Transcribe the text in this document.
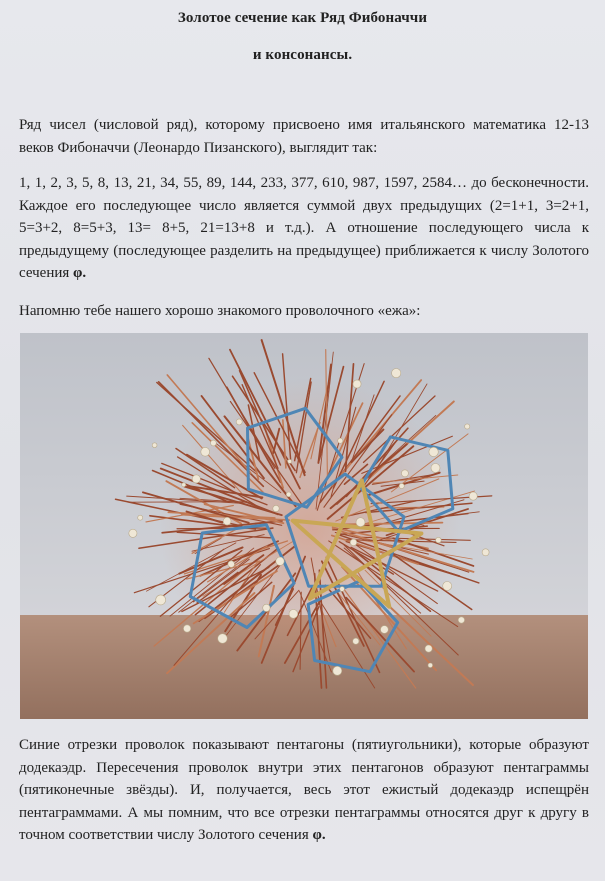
Золотое сечение как Ряд Фибоначчи
и консонансы.
Ряд чисел (числовой ряд), которому присвоено имя итальянского математика 12-13 веков Фибоначчи (Леонардо Пизанского), выглядит так:
1, 1, 2, 3, 5, 8, 13, 21, 34, 55, 89, 144, 233, 377, 610, 987, 1597, 2584… до бесконечности. Каждое его последующее число является суммой двух предыдущих (2=1+1, 3=2+1, 5=3+2, 8=5+3, 13= 8+5, 21=13+8 и т.д.). А отношение последующего числа к предыдущему (последующее разделить на предыдущее) приближается к числу Золотого сечения φ.
Напомню тебе нашего хорошо знакомого проволочного «ежа»:
Синие отрезки проволок показывают пентагоны (пятиугольники), которые образуют додекаэдр. Пересечения проволок внутри этих пентагонов образуют пентаграммы (пятиконечные звёзды). И, получается, весь этот ежистый додекаэдр испещрён пентаграммами. А мы помним, что все отрезки пентаграммы относятся друг к другу в точном соответствии числу Золотого сечения φ.
